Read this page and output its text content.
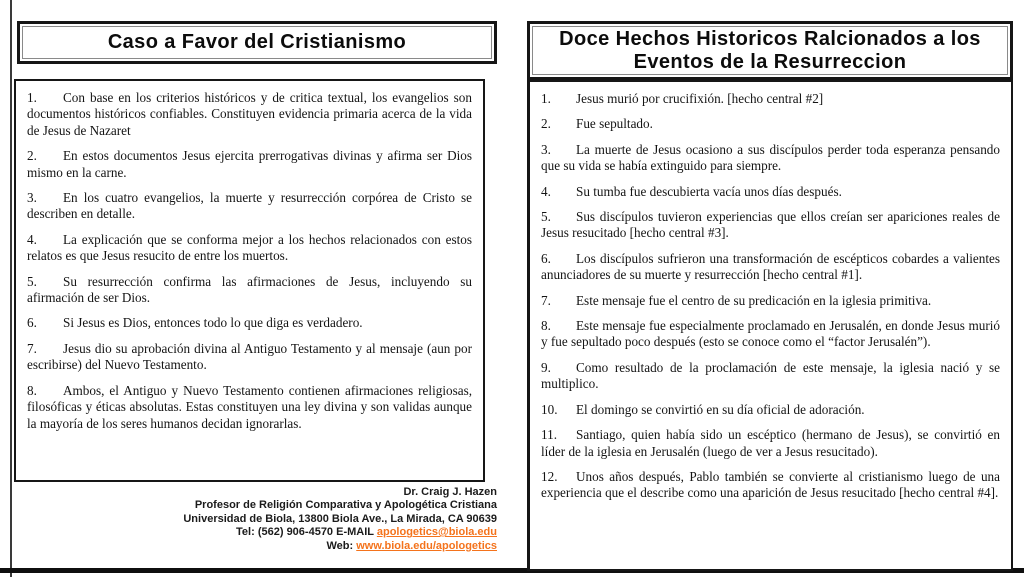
Caso a Favor del Cristianismo

1. Con base en los criterios históricos y de critica textual, los evangelios son documentos históricos confiables. Constituyen evidencia primaria acerca de la vida de Jesus de Nazaret

2. En estos documentos Jesus ejercita prerrogativas divinas y afirma ser Dios mismo en la carne.

3. En los cuatro evangelios, la muerte y resurrección corpórea de Cristo se describen en detalle.

4. La explicación que se conforma mejor a los hechos relacionados con estos relatos es que Jesus resucito de entre los muertos.

5. Su resurrección confirma las afirmaciones de Jesus, incluyendo su afirmación de ser Dios.

6. Si Jesus es Dios, entonces todo lo que diga es verdadero.

7. Jesus dio su aprobación divina al Antiguo Testamento y al mensaje (aun por escribirse) del Nuevo Testamento.

8. Ambos, el Antiguo y Nuevo Testamento contienen afirmaciones religiosas, filosóficas y éticas absolutas. Estas constituyen una ley divina y son validas aunque la mayoría de los seres humanos decidan ignorarlas.

Dr. Craig J. Hazen
Profesor de Religión Comparativa y Apologética Cristiana
Universidad de Biola, 13800 Biola Ave., La Mirada, CA 90639
Tel: (562) 906-4570 E-MAIL apologetics@biola.edu
Web: www.biola.edu/apologetics
Doce Hechos Historicos Ralcionados a los
Eventos de la Resurreccion

1. Jesus murió por crucifixión. [hecho central #2]

2. Fue sepultado.

3. La muerte de Jesus ocasiono a sus discípulos perder toda esperanza pensando que su vida se había extinguido para siempre.

4. Su tumba fue descubierta vacía unos días después.

5. Sus discípulos tuvieron experiencias que ellos creían ser apariciones reales de Jesus resucitado [hecho central #3].

6. Los discípulos sufrieron una transformación de escépticos cobardes a valientes anunciadores de su muerte y resurrección [hecho central #1].

7. Este mensaje fue el centro de su predicación en la iglesia primitiva.

8. Este mensaje fue especialmente proclamado en Jerusalén, en donde Jesus murió y fue sepultado poco después (esto se conoce como el “factor Jerusalén”).

9. Como resultado de la proclamación de este mensaje, la iglesia nació y se multiplico.

10. El domingo se convirtió en su día oficial de adoración.

11. Santiago, quien había sido un escéptico (hermano de Jesus), se convirtió en líder de la iglesia en Jerusalén (luego de ver a Jesus resucitado).

12. Unos años después, Pablo también se convierte al cristianismo luego de una experiencia que el describe como una aparición de Jesus resucitado [hecho central #4].
